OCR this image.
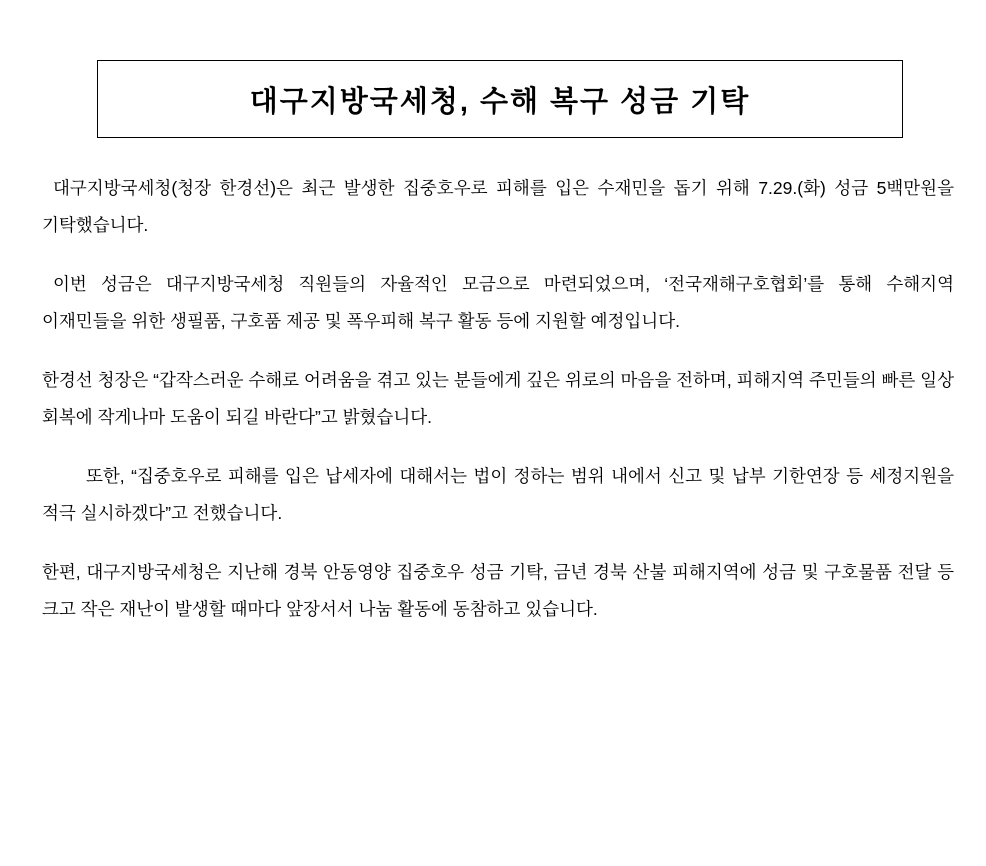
대구지방국세청, 수해 복구 성금 기탁

대구지방국세청(청장 한경선)은 최근 발생한 집중호우로 피해를 입은 수재민을 돕기 위해 7.29.(화) 성금 5백만원을 기탁했습니다.

이번 성금은 대구지방국세청 직원들의 자율적인 모금으로 마련되었으며, ‘전국재해구호협회’를 통해 수해지역 이재민들을 위한 생필품, 구호품 제공 및 폭우피해 복구 활동 등에 지원할 예정입니다.

한경선 청장은 “갑작스러운 수해로 어려움을 겪고 있는 분들에게 깊은 위로의 마음을 전하며, 피해지역 주민들의 빠른 일상 회복에 작게나마 도움이 되길 바란다”고 밝혔습니다.

또한, “집중호우로 피해를 입은 납세자에 대해서는 법이 정하는 범위 내에서 신고 및 납부 기한연장 등 세정지원을 적극 실시하겠다”고 전했습니다.

한편, 대구지방국세청은 지난해 경북 안동영양 집중호우 성금 기탁, 금년 경북 산불 피해지역에 성금 및 구호물품 전달 등 크고 작은 재난이 발생할 때마다 앞장서서 나눔 활동에 동참하고 있습니다.
